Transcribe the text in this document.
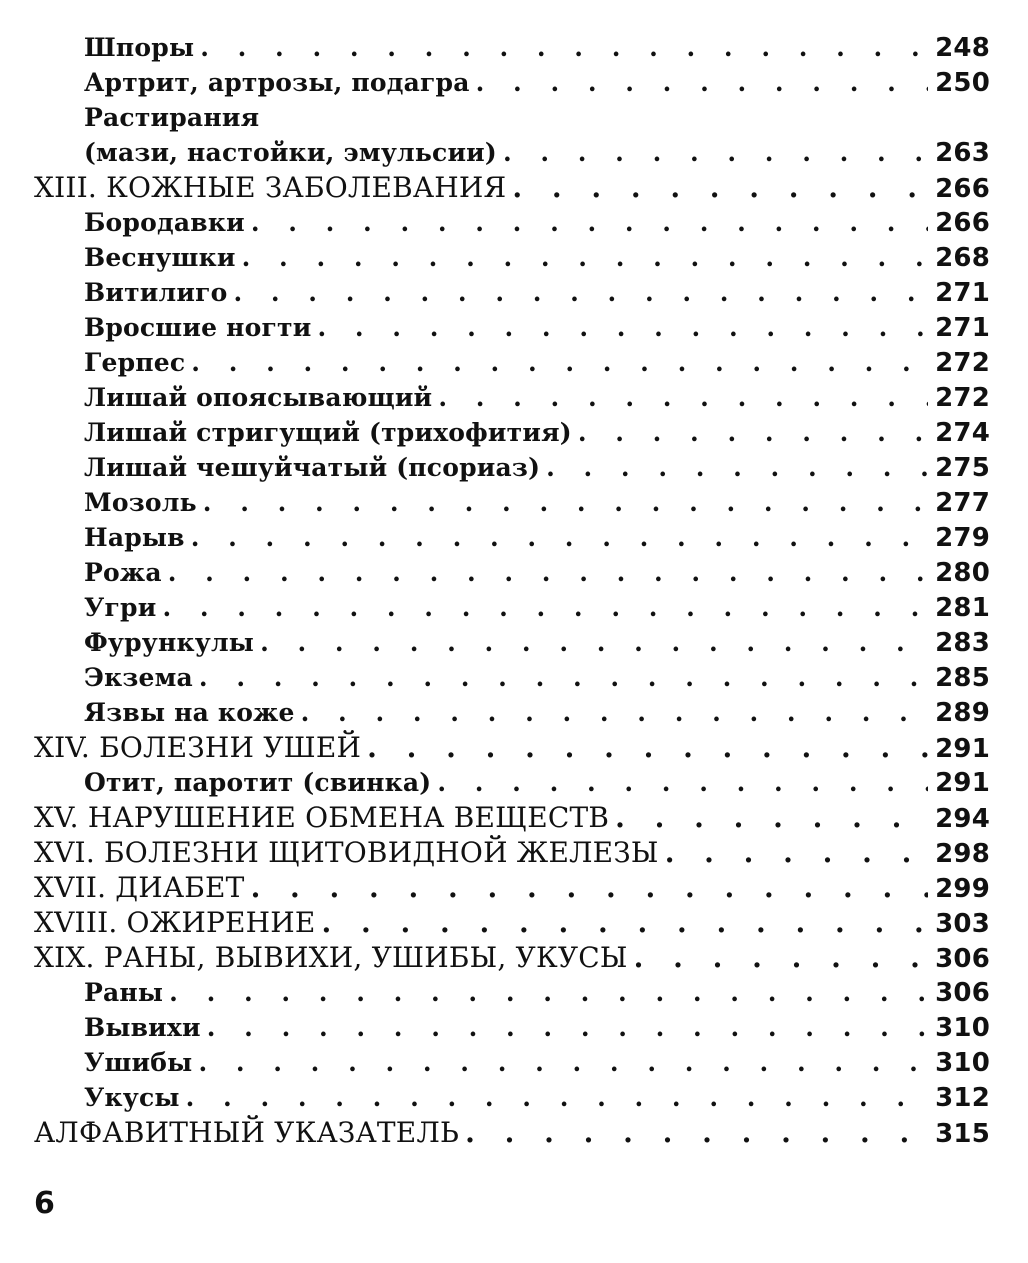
Шпоры . . .	248
Артрит, артрозы, подагра . . .	250
Растирания
(мази, настойки, эмульсии) . . .	263
XIII. КОЖНЫЕ ЗАБОЛЕВАНИЯ . . .	266
Бородавки . . .	266
Веснушки . . .	268
Витилиго . . .	271
Вросшие ногти . . .	271
Герпес . . .	272
Лишай опоясывающий . . .	272
Лишай стригущий (трихофития) . . .	274
Лишай чешуйчатый (псориаз) . . .	275
Мозоль . . .	277
Нарыв . . .	279
Рожа . . .	280
Угри . . .	281
Фурункулы . . .	283
Экзема . . .	285
Язвы на коже . . .	289
XIV. БОЛЕЗНИ УШЕЙ . . .	291
Отит, паротит (свинка) . . .	291
XV. НАРУШЕНИЕ ОБМЕНА ВЕЩЕСТВ . . .	294
XVI. БОЛЕЗНИ ЩИТОВИДНОЙ ЖЕЛЕЗЫ . . .	298
XVII. ДИАБЕТ . . .	299
XVIII. ОЖИРЕНИЕ . . .	303
XIX. РАНЫ, ВЫВИХИ, УШИБЫ, УКУСЫ . . .	306
Раны . . .	306
Вывихи . . .	310
Ушибы . . .	310
Укусы . . .	312
АЛФАВИТНЫЙ УКАЗАТЕЛЬ . . .	315
6
